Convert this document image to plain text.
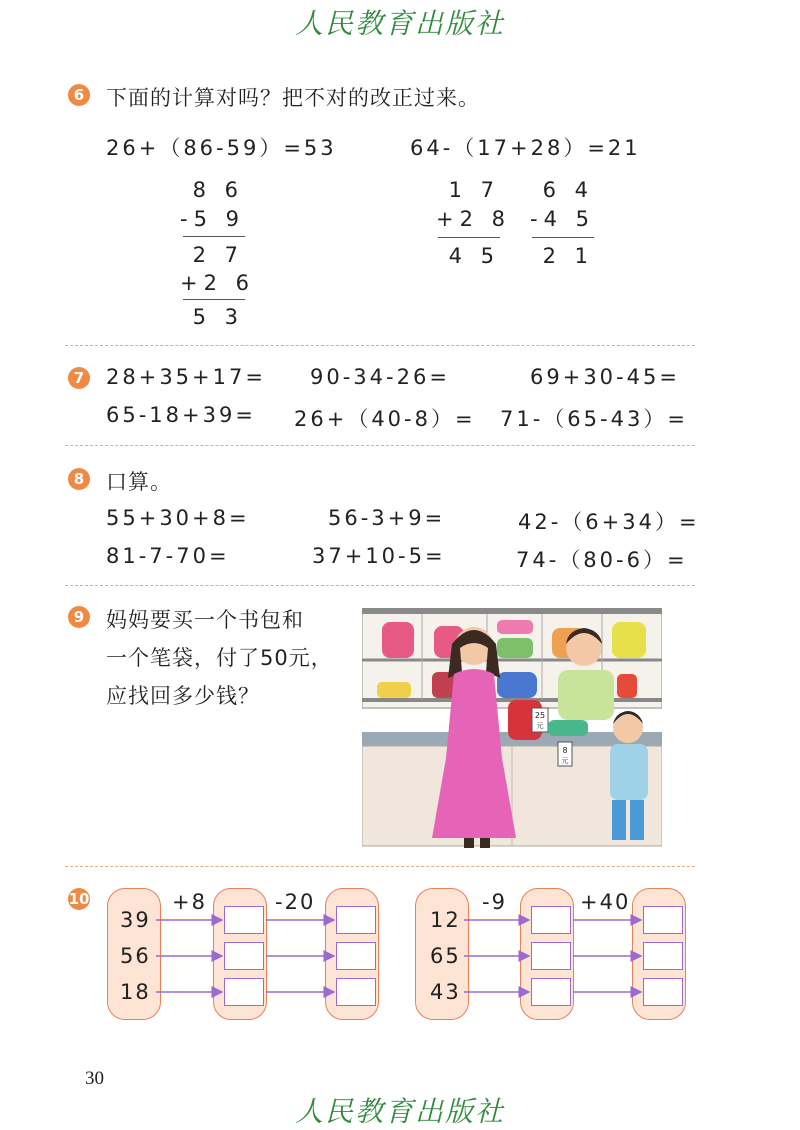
人民教育出版社
6 下面的计算对吗？把不对的改正过来。
26+（86-59）=53	64-（17+28）=21
8 6
-5 9
2 7
+2 6
5 3
1 7
+2 8
4 5
6 4
-4 5
2 1
7 28+35+17= 90-34-26=	69+30-45=
65-18+39= 26+（40-8）= 71-（65-43）=
8 口算。
55+30+8=	56-3+9=	42-（6+34）=
81-7-70=	37+10-5=	74-（80-6）=
9 妈妈要买一个书包和
一个笔袋，付了50元，
应找回多少钱？
25
元
8
元
10	+8	-20
39
56
18
-9	+40
12
65
43
30
人民教育出版社
